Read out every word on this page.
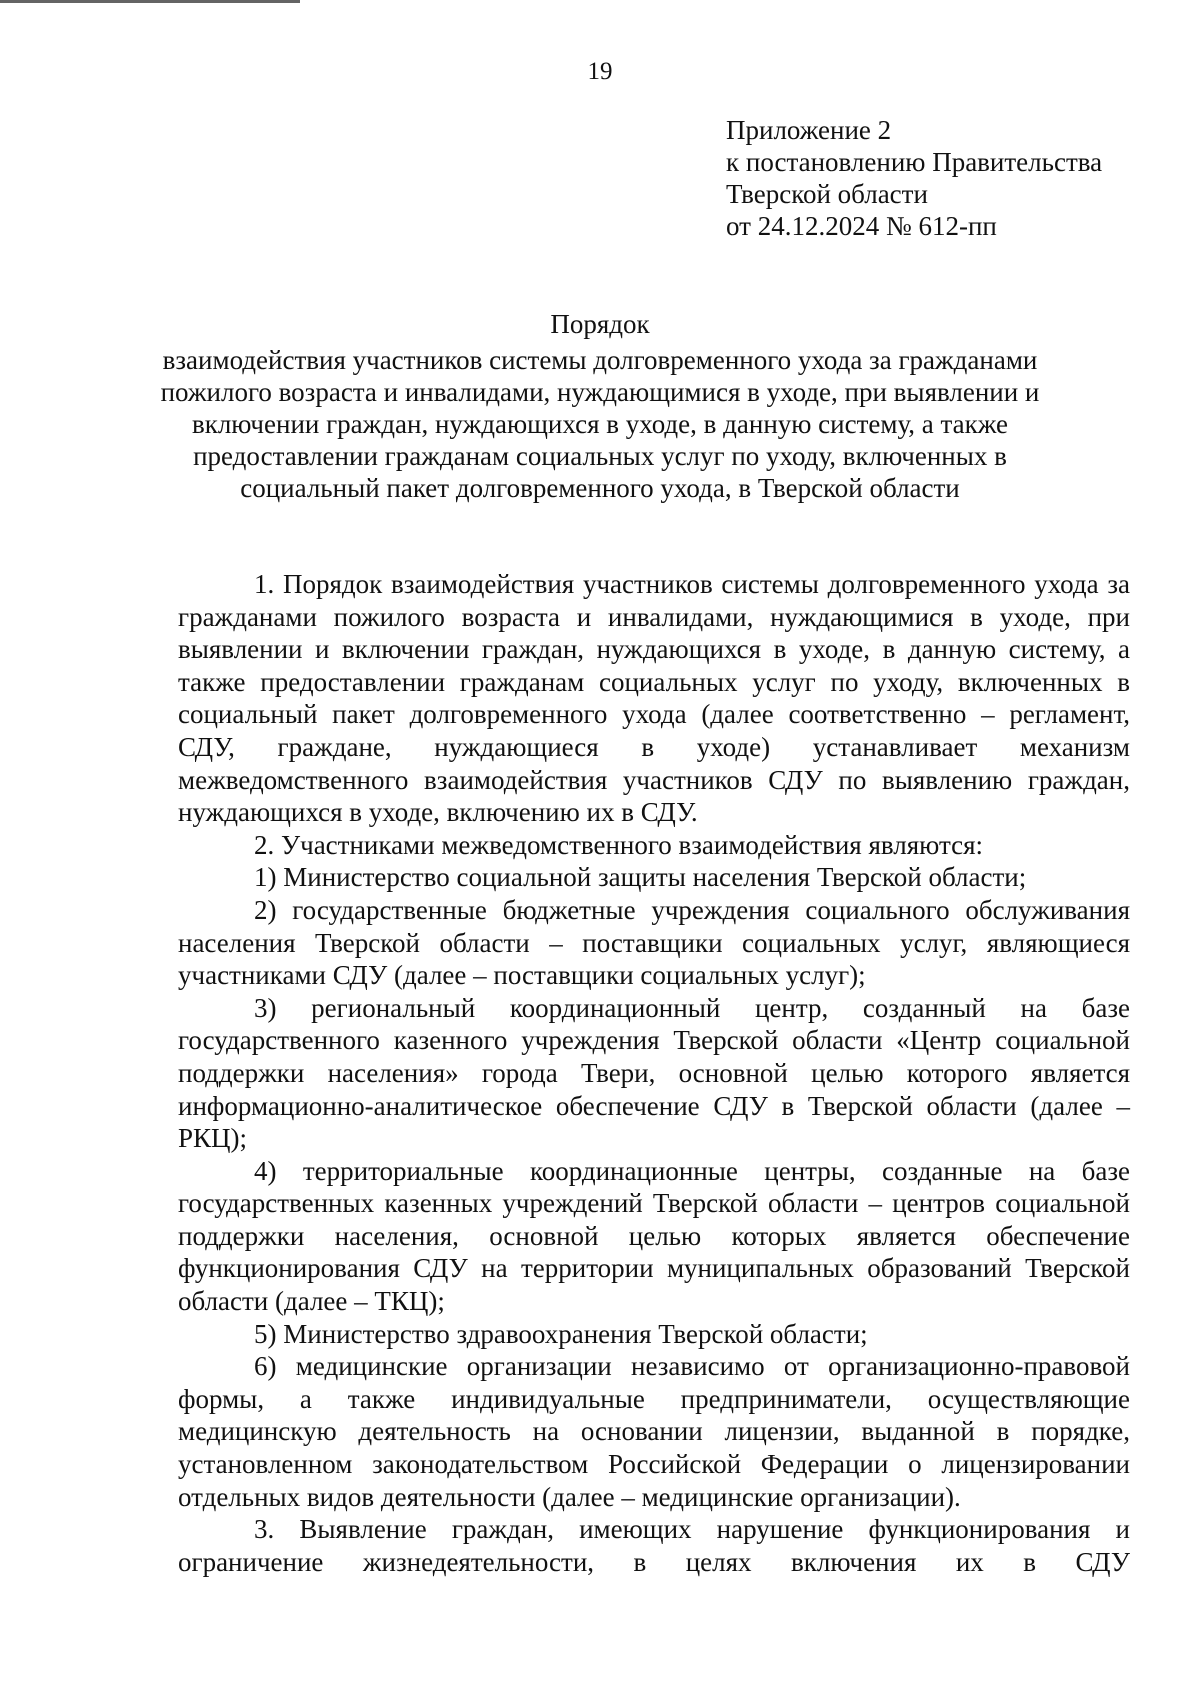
19
Приложение 2
к постановлению Правительства
Тверской области
от 24.12.2024 № 612-пп
Порядок
взаимодействия участников системы долговременного ухода за гражданами
пожилого возраста и инвалидами, нуждающимися в уходе, при выявлении и
включении граждан, нуждающихся в уходе, в данную систему, а также
предоставлении гражданам социальных услуг по уходу, включенных в
социальный пакет долговременного ухода, в Тверской области

1. Порядок взаимодействия участников системы долговременного ухода за гражданами пожилого возраста и инвалидами, нуждающимися в уходе, при выявлении и включении граждан, нуждающихся в уходе, в данную систему, а также предоставлении гражданам социальных услуг по уходу, включенных в социальный пакет долговременного ухода (далее соответственно – регламент, СДУ, граждане, нуждающиеся в уходе) устанавливает механизм межведомственного взаимодействия участников СДУ по выявлению граждан, нуждающихся в уходе, включению их в СДУ.

2. Участниками межведомственного взаимодействия являются:

1) Министерство социальной защиты населения Тверской области;

2) государственные бюджетные учреждения социального обслуживания населения Тверской области – поставщики социальных услуг, являющиеся участниками СДУ (далее – поставщики социальных услуг);

3) региональный координационный центр, созданный на базе государственного казенного учреждения Тверской области «Центр социальной поддержки населения» города Твери, основной целью которого является информационно-аналитическое обеспечение СДУ в Тверской области (далее – РКЦ);

4) территориальные координационные центры, созданные на базе государственных казенных учреждений Тверской области – центров социальной поддержки населения, основной целью которых является обеспечение функционирования СДУ на территории муниципальных образований Тверской области (далее – ТКЦ);

5) Министерство здравоохранения Тверской области;

6) медицинские организации независимо от организационно-правовой формы, а также индивидуальные предприниматели, осуществляющие медицинскую деятельность на основании лицензии, выданной в порядке, установленном законодательством Российской Федерации о лицензировании отдельных видов деятельности (далее – медицинские организации).

3. Выявление граждан, имеющих нарушение функционирования и ограничение жизнедеятельности, в целях включения их в СДУ
